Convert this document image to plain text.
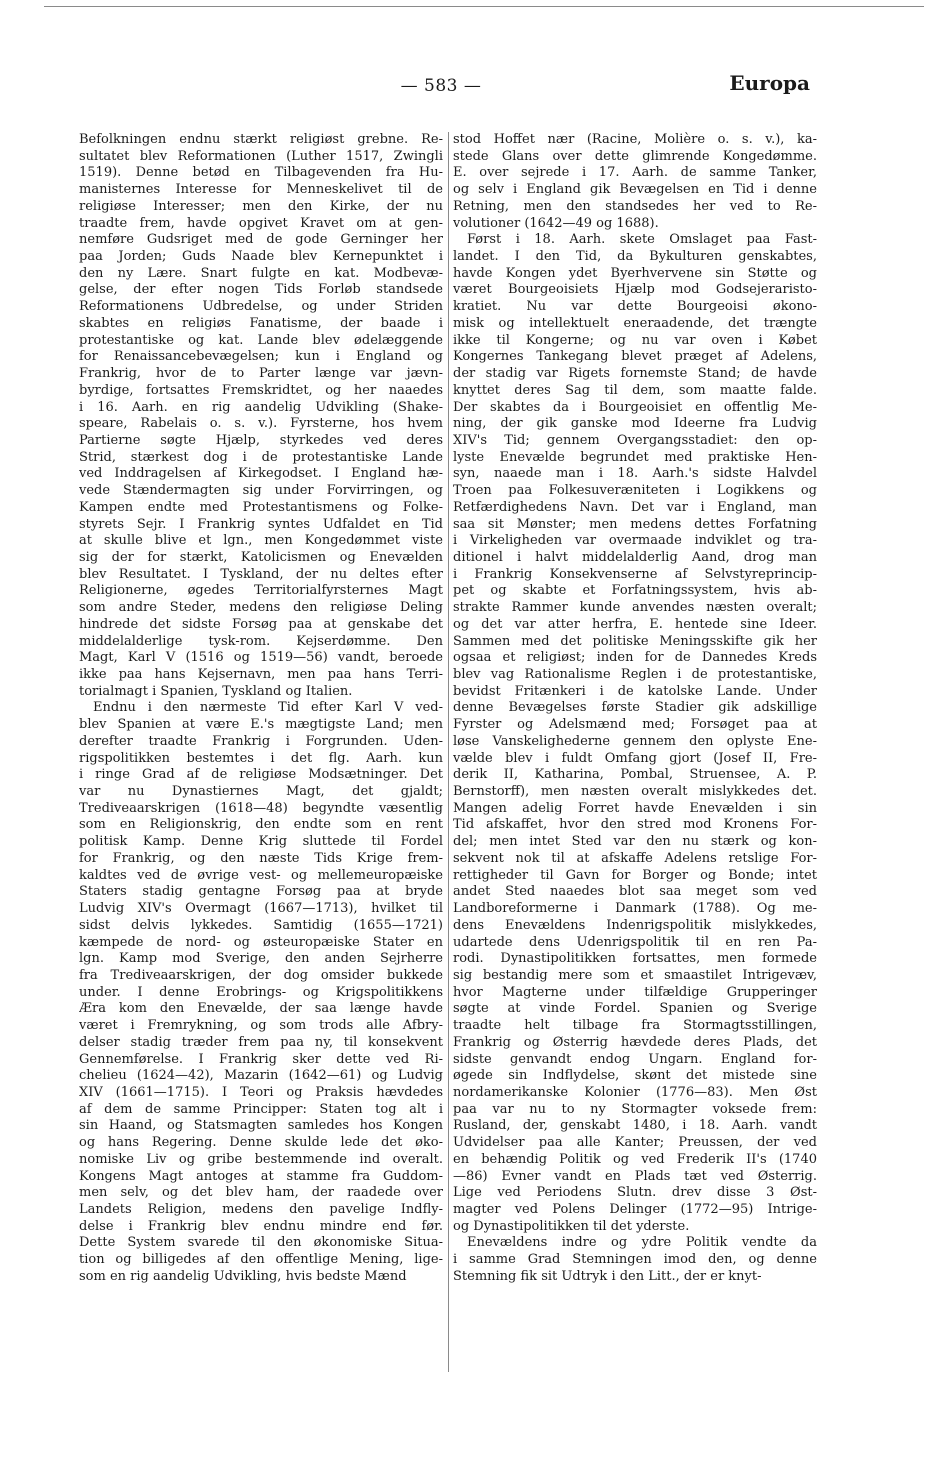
— 583 —	Europa
Befolkningen endnu stærkt religiøst grebne. Re-
sultatet blev Reformationen (Luther 1517, Zwingli
1519). Denne betød en Tilbagevenden fra Hu-
manisternes Interesse for Menneskelivet til de
religiøse Interesser; men den Kirke, der nu
traadte frem, havde opgivet Kravet om at gen-
nemføre Gudsriget med de gode Gerninger her
paa Jorden; Guds Naade blev Kernepunktet i
den ny Lære. Snart fulgte en kat. Modbevæ-
gelse, der efter nogen Tids Forløb standsede
Reformationens Udbredelse, og under Striden
skabtes en religiøs Fanatisme, der baade i
protestantiske og kat. Lande blev ødelæggende
for Renaissancebevægelsen; kun i England og
Frankrig, hvor de to Parter længe var jævn-
byrdige, fortsattes Fremskridtet, og her naaedes
i 16. Aarh. en rig aandelig Udvikling (Shake-
speare, Rabelais o. s. v.). Fyrsterne, hos hvem
Partierne søgte Hjælp, styrkedes ved deres
Strid, stærkest dog i de protestantiske Lande
ved Inddragelsen af Kirkegodset. I England hæ-
vede Stændermagten sig under Forvirringen, og
Kampen endte med Protestantismens og Folke-
styrets Sejr. I Frankrig syntes Udfaldet en Tid
at skulle blive et lgn., men Kongedømmet viste
sig der for stærkt, Katolicismen og Enevælden
blev Resultatet. I Tyskland, der nu deltes efter
Religionerne, øgedes Territorialfyrsternes Magt
som andre Steder, medens den religiøse Deling
hindrede det sidste Forsøg paa at genskabe det
middelalderlige tysk-rom. Kejserdømme. Den
Magt, Karl V (1516 og 1519—56) vandt, beroede
ikke paa hans Kejsernavn, men paa hans Terri-
torialmagt i Spanien, Tyskland og Italien.
Endnu i den nærmeste Tid efter Karl V ved-
blev Spanien at være E.'s mægtigste Land; men
derefter traadte Frankrig i Forgrunden. Uden-
rigspolitikken bestemtes i det flg. Aarh. kun
i ringe Grad af de religiøse Modsætninger. Det
var nu Dynastiernes Magt, det gjaldt;
Trediveaarskrigen (1618—48) begyndte væsentlig
som en Religionskrig, den endte som en rent
politisk Kamp. Denne Krig sluttede til Fordel
for Frankrig, og den næste Tids Krige frem-
kaldtes ved de øvrige vest- og mellemeuropæiske
Staters stadig gentagne Forsøg paa at bryde
Ludvig XIV's Overmagt (1667—1713), hvilket til
sidst delvis lykkedes. Samtidig (1655—1721)
kæmpede de nord- og østeuropæiske Stater en
lgn. Kamp mod Sverige, den anden Sejrherre
fra Trediveaarskrigen, der dog omsider bukkede
under. I denne Erobrings- og Krigspolitikkens
Æra kom den Enevælde, der saa længe havde
været i Fremrykning, og som trods alle Afbry-
delser stadig træder frem paa ny, til konsekvent
Gennemførelse. I Frankrig sker dette ved Ri-
chelieu (1624—42), Mazarin (1642—61) og Ludvig
XIV (1661—1715). I Teori og Praksis hævdedes
af dem de samme Principper: Staten tog alt i
sin Haand, og Statsmagten samledes hos Kongen
og hans Regering. Denne skulde lede det øko-
nomiske Liv og gribe bestemmende ind overalt.
Kongens Magt antoges at stamme fra Guddom-
men selv, og det blev ham, der raadede over
Landets Religion, medens den pavelige Indfly-
delse i Frankrig blev endnu mindre end før.
Dette System svarede til den økonomiske Situa-
tion og billigedes af den offentlige Mening, lige-
som en rig aandelig Udvikling, hvis bedste Mænd
stod Hoffet nær (Racine, Molière o. s. v.), ka-
stede Glans over dette glimrende Kongedømme.
E. over sejrede i 17. Aarh. de samme Tanker,
og selv i England gik Bevægelsen en Tid i denne
Retning, men den standsedes her ved to Re-
volutioner (1642—49 og 1688).
Først i 18. Aarh. skete Omslaget paa Fast-
landet. I den Tid, da Bykulturen genskabtes,
havde Kongen ydet Byerhvervene sin Støtte og
været Bourgeoisiets Hjælp mod Godsejeraristo-
kratiet. Nu var dette Bourgeoisi økono-
misk og intellektuelt eneraadende, det trængte
ikke til Kongerne; og nu var oven i Købet
Kongernes Tankegang blevet præget af Adelens,
der stadig var Rigets fornemste Stand; de havde
knyttet deres Sag til dem, som maatte falde.
Der skabtes da i Bourgeoisiet en offentlig Me-
ning, der gik ganske mod Ideerne fra Ludvig
XIV's Tid; gennem Overgangsstadiet: den op-
lyste Enevælde begrundet med praktiske Hen-
syn, naaede man i 18. Aarh.'s sidste Halvdel
Troen paa Folkesuveræniteten i Logikkens og
Retfærdighedens Navn. Det var i England, man
saa sit Mønster; men medens dettes Forfatning
i Virkeligheden var overmaade indviklet og tra-
ditionel i halvt middelalderlig Aand, drog man
i Frankrig Konsekvenserne af Selvstyreprincip-
pet og skabte et Forfatningssystem, hvis ab-
strakte Rammer kunde anvendes næsten overalt;
og det var atter herfra, E. hentede sine Ideer.
Sammen med det politiske Meningsskifte gik her
ogsaa et religiøst; inden for de Dannedes Kreds
blev vag Rationalisme Reglen i de protestantiske,
bevidst Fritænkeri i de katolske Lande. Under
denne Bevægelses første Stadier gik adskillige
Fyrster og Adelsmænd med; Forsøget paa at
løse Vanskelighederne gennem den oplyste Ene-
vælde blev i fuldt Omfang gjort (Josef II, Fre-
derik II, Katharina, Pombal, Struensee, A. P.
Bernstorff), men næsten overalt mislykkedes det.
Mangen adelig Forret havde Enevælden i sin
Tid afskaffet, hvor den stred mod Kronens For-
del; men intet Sted var den nu stærk og kon-
sekvent nok til at afskaffe Adelens retslige For-
rettigheder til Gavn for Borger og Bonde; intet
andet Sted naaedes blot saa meget som ved
Landboreformerne i Danmark (1788). Og me-
dens Enevældens Indenrigspolitik mislykkedes,
udartede dens Udenrigspolitik til en ren Pa-
rodi. Dynastipolitikken fortsattes, men formede
sig bestandig mere som et smaastilet Intrigevæv,
hvor Magterne under tilfældige Grupperinger
søgte at vinde Fordel. Spanien og Sverige
traadte helt tilbage fra Stormagtsstillingen,
Frankrig og Østerrig hævdede deres Plads, det
sidste genvandt endog Ungarn. England for-
øgede sin Indflydelse, skønt det mistede sine
nordamerikanske Kolonier (1776—83). Men Øst
paa var nu to ny Stormagter voksede frem:
Rusland, der, genskabt 1480, i 18. Aarh. vandt
Udvidelser paa alle Kanter; Preussen, der ved
en behændig Politik og ved Frederik II's (1740
—86) Evner vandt en Plads tæt ved Østerrig.
Lige ved Periodens Slutn. drev disse 3 Øst-
magter ved Polens Delinger (1772—95) Intrige-
og Dynastipolitikken til det yderste.
Enevældens indre og ydre Politik vendte da
i samme Grad Stemningen imod den, og denne
Stemning fik sit Udtryk i den Litt., der er knyt-
